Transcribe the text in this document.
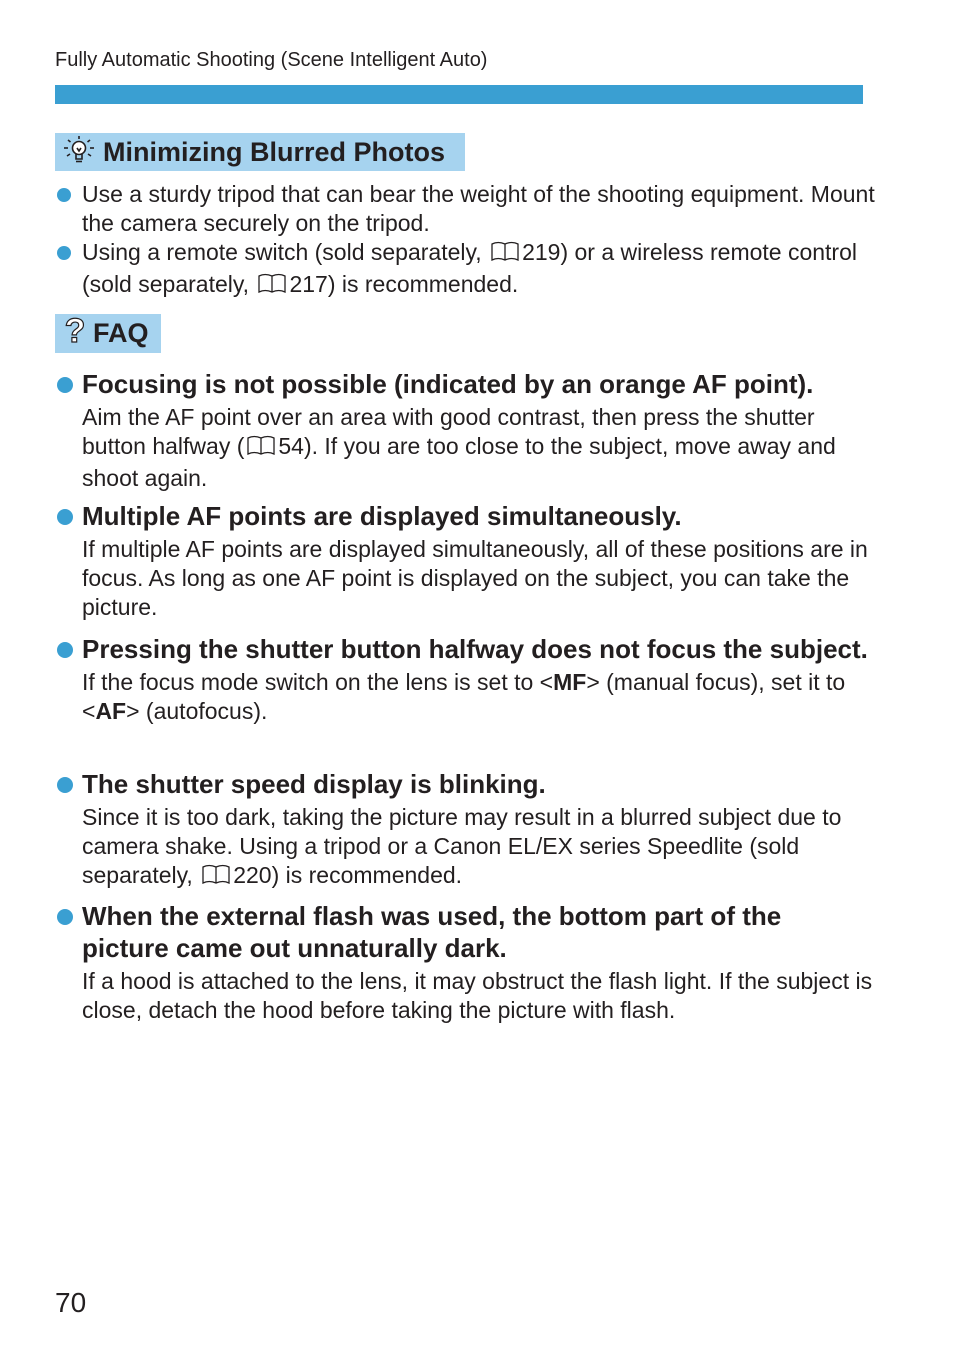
Fully Automatic Shooting (Scene Intelligent Auto)
Minimizing Blurred Photos
Use a sturdy tripod that can bear the weight of the shooting equipment. Mount the camera securely on the tripod.
Using a remote switch (sold separately, 219) or a wireless remote control (sold separately, 217) is recommended.
? FAQ
Focusing is not possible (indicated by an orange AF point).
Aim the AF point over an area with good contrast, then press the shutter button halfway ( 54). If you are too close to the subject, move away and shoot again.
Multiple AF points are displayed simultaneously.
If multiple AF points are displayed simultaneously, all of these positions are in focus. As long as one AF point is displayed on the subject, you can take the picture.
Pressing the shutter button halfway does not focus the subject.
If the focus mode switch on the lens is set to <MF> (manual focus), set it to <AF> (autofocus).
The shutter speed display is blinking.
Since it is too dark, taking the picture may result in a blurred subject due to camera shake. Using a tripod or a Canon EL/EX series Speedlite (sold separately, 220) is recommended.
When the external flash was used, the bottom part of the picture came out unnaturally dark.
If a hood is attached to the lens, it may obstruct the flash light. If the subject is close, detach the hood before taking the picture with flash.
70
